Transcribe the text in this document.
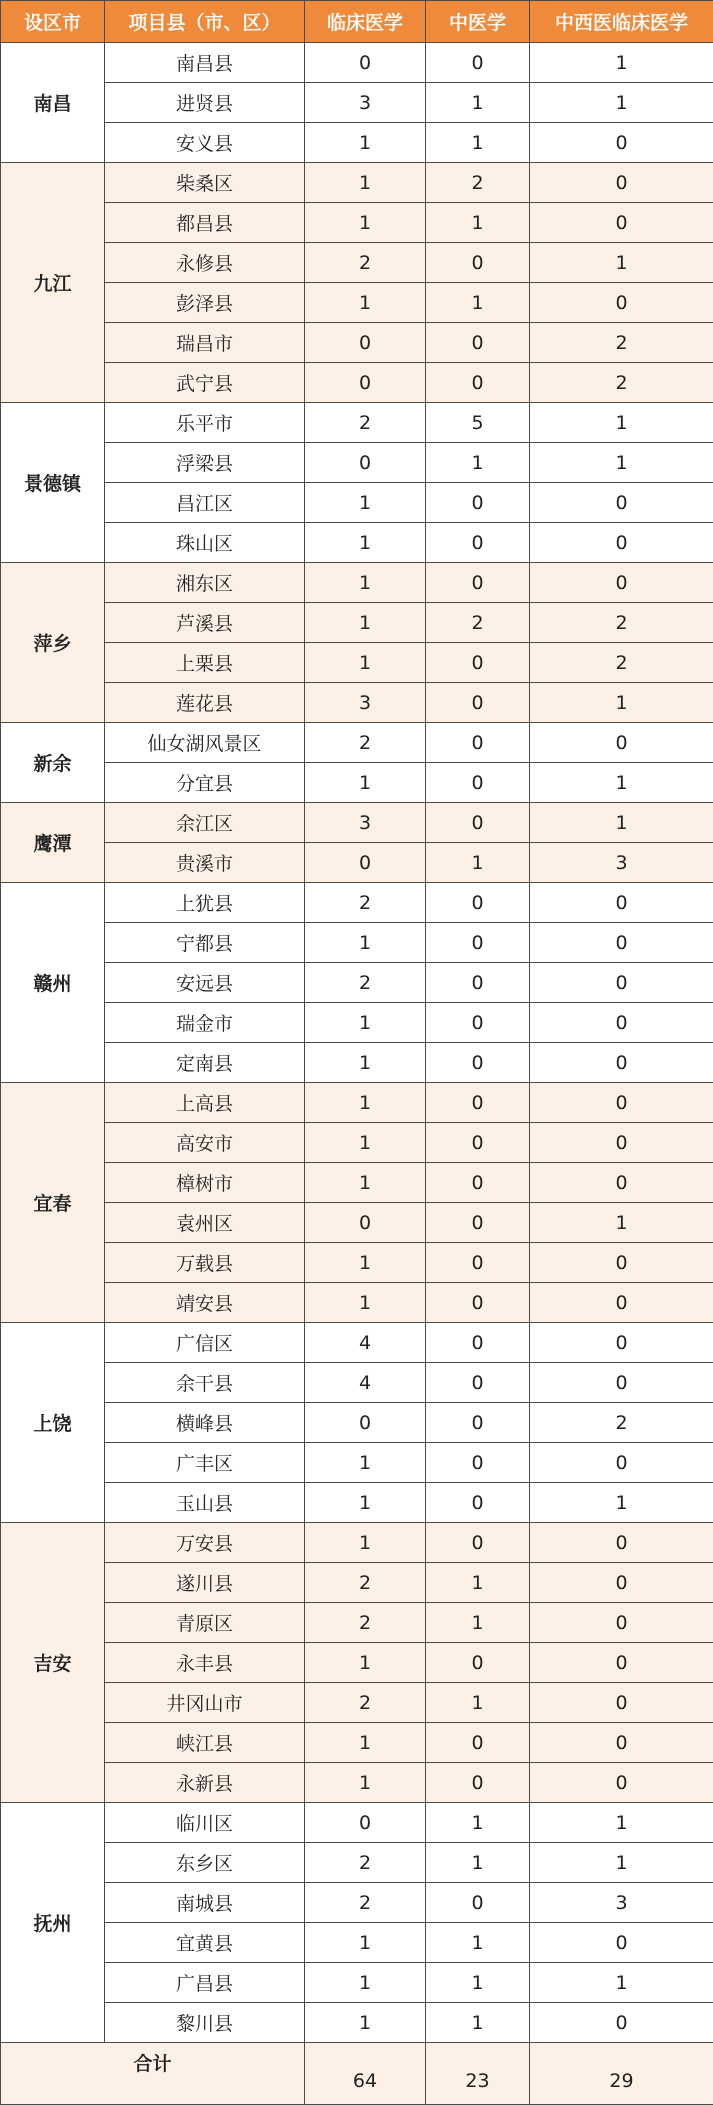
设区市	项目县（市、区）	临床医学	中医学	中西医临床医学
南昌	南昌县	0	0	1
	进贤县	3	1	1
	安义县	1	1	0
九江	柴桑区	1	2	0
	都昌县	1	1	0
	永修县	2	0	1
	彭泽县	1	1	0
	瑞昌市	0	0	2
	武宁县	0	0	2
景德镇	乐平市	2	5	1
	浮梁县	0	1	1
	昌江区	1	0	0
	珠山区	1	0	0
萍乡	湘东区	1	0	0
	芦溪县	1	2	2
	上栗县	1	0	2
	莲花县	3	0	1
新余	仙女湖风景区	2	0	0
	分宜县	1	0	1
鹰潭	余江区	3	0	1
	贵溪市	0	1	3
赣州	上犹县	2	0	0
	宁都县	1	0	0
	安远县	2	0	0
	瑞金市	1	0	0
	定南县	1	0	0
宜春	上高县	1	0	0
	高安市	1	0	0
	樟树市	1	0	0
	袁州区	0	0	1
	万载县	1	0	0
	靖安县	1	0	0
上饶	广信区	4	0	0
	余干县	4	0	0
	横峰县	0	0	2
	广丰区	1	0	0
	玉山县	1	0	1
吉安	万安县	1	0	0
	遂川县	2	1	0
	青原区	2	1	0
	永丰县	1	0	0
	井冈山市	2	1	0
	峡江县	1	0	0
	永新县	1	0	0
抚州	临川区	0	1	1
	东乡区	2	1	1
	南城县	2	0	3
	宜黄县	1	1	0
	广昌县	1	1	1
	黎川县	1	1	0
合计		64	23	29
